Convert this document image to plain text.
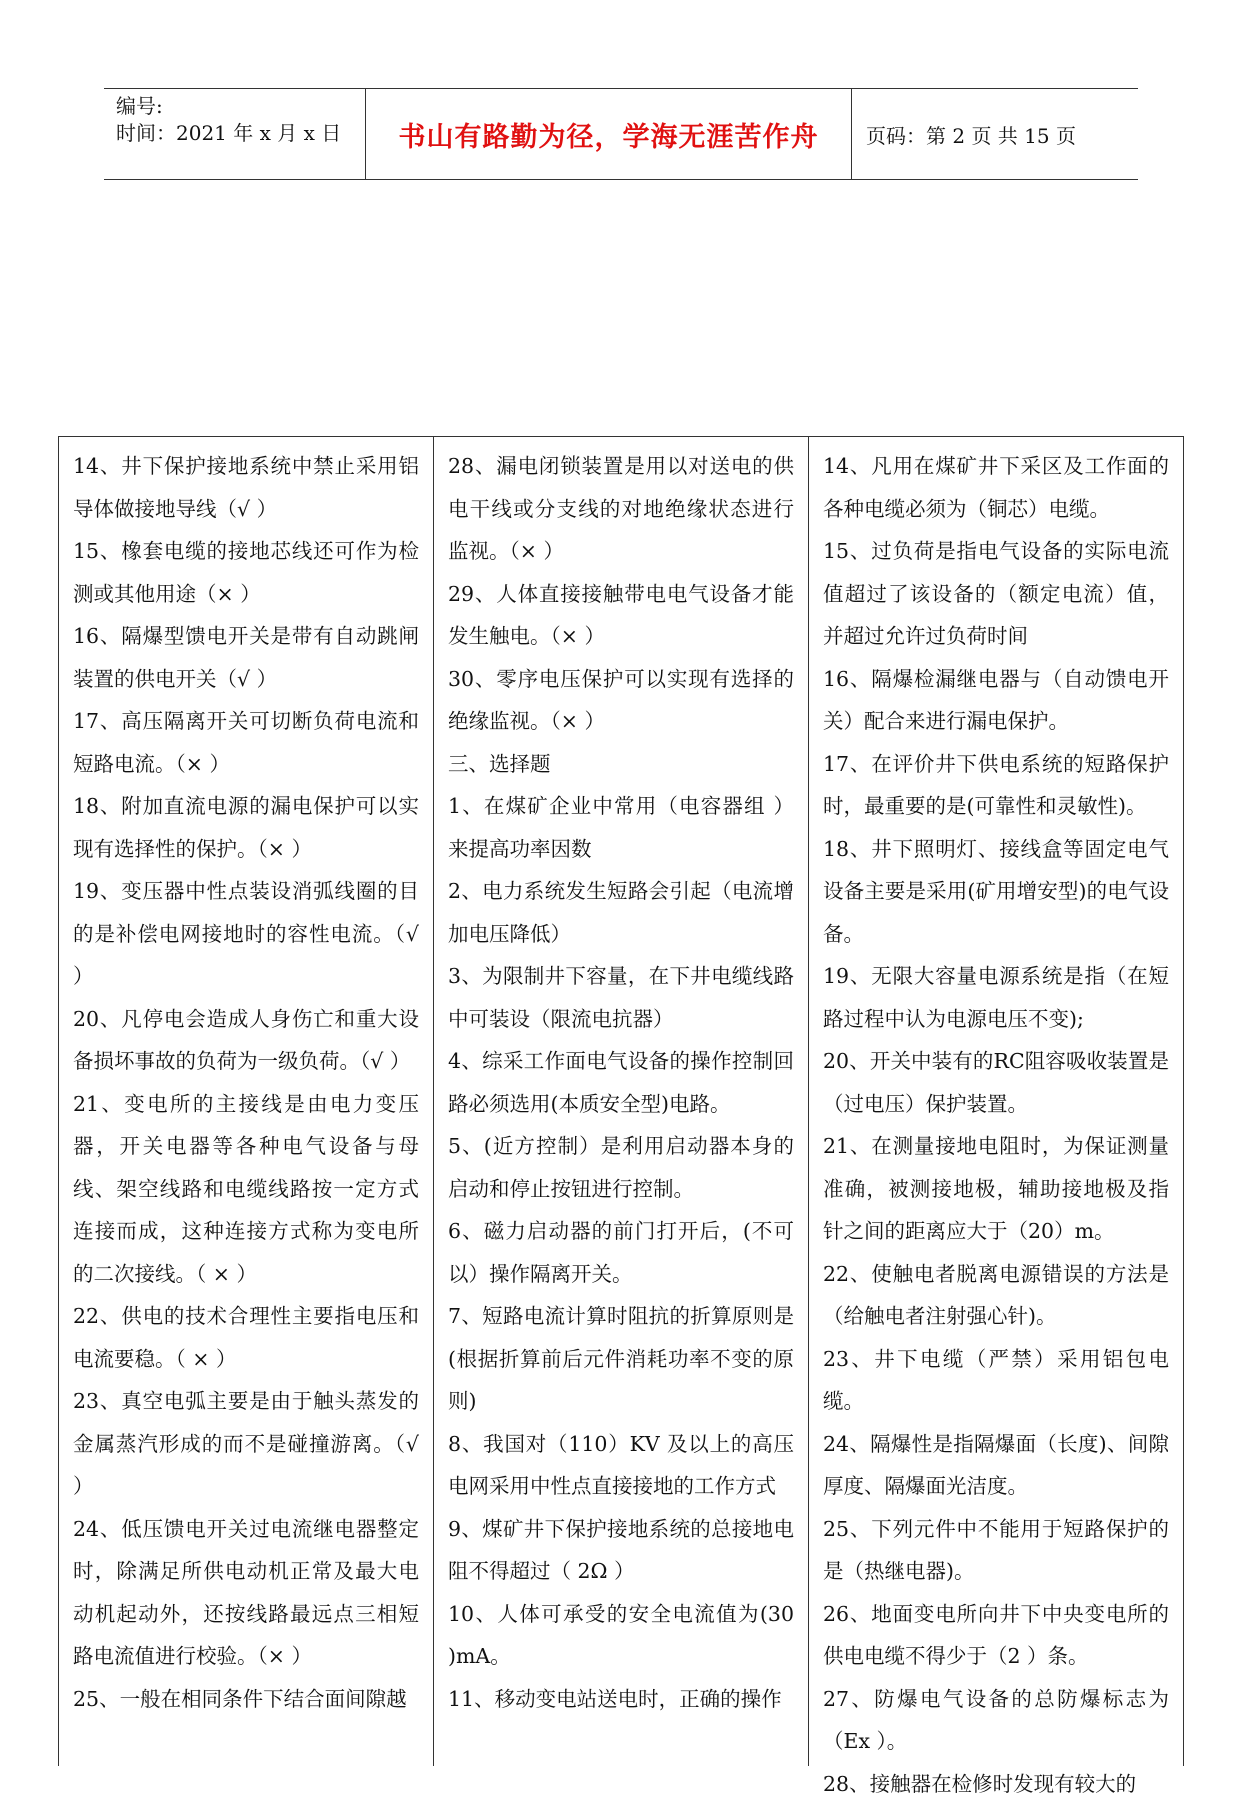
编号:
时间：2021 年 x 月 x 日	书山有路勤为径，学海无涯苦作舟	页码：第 2 页 共 15 页

14、井下保护接地系统中禁止采用铝导体做接地导线（√ ）

15、橡套电缆的接地芯线还可作为检测或其他用途（× ）

16、隔爆型馈电开关是带有自动跳闸装置的供电开关（√ ）

17、高压隔离开关可切断负荷电流和短路电流。（× ）

18、附加直流电源的漏电保护可以实现有选择性的保护。（× ）

19、变压器中性点装设消弧线圈的目的是补偿电网接地时的容性电流。（√ ）

20、凡停电会造成人身伤亡和重大设备损坏事故的负荷为一级负荷。（√ ）

21、变电所的主接线是由电力变压器，开关电器等各种电气设备与母线、架空线路和电缆线路按一定方式连接而成，这种连接方式称为变电所的二次接线。（ × ）

22、供电的技术合理性主要指电压和电流要稳。（ × ）

23、真空电弧主要是由于触头蒸发的金属蒸汽形成的而不是碰撞游离。（√ ）

24、低压馈电开关过电流继电器整定时，除满足所供电动机正常及最大电动机起动外，还按线路最远点三相短路电流值进行校验。（× ）

25、一般在相同条件下结合面间隙越

28、漏电闭锁装置是用以对送电的供电干线或分支线的对地绝缘状态进行监视。（× ）

29、人体直接接触带电电气设备才能发生触电。（× ）

30、零序电压保护可以实现有选择的绝缘监视。（× ）

三、选择题

1、在煤矿企业中常用（电容器组 ）来提高功率因数

2、电力系统发生短路会引起（电流增加电压降低）

3、为限制井下容量，在下井电缆线路中可装设（限流电抗器）

4、综采工作面电气设备的操作控制回路必须选用(本质安全型)电路。

5、(近方控制）是利用启动器本身的启动和停止按钮进行控制。

6、磁力启动器的前门打开后，(不可以）操作隔离开关。

7、短路电流计算时阻抗的折算原则是(根据折算前后元件消耗功率不变的原则)

8、我国对（110）KV 及以上的高压电网采用中性点直接接地的工作方式

9、煤矿井下保护接地系统的总接地电阻不得超过（ 2Ω ）

10、人体可承受的安全电流值为(30 )mA。

11、移动变电站送电时，正确的操作

14、凡用在煤矿井下采区及工作面的各种电缆必须为（铜芯）电缆。

15、过负荷是指电气设备的实际电流值超过了该设备的（额定电流）值，并超过允许过负荷时间

16、隔爆检漏继电器与（自动馈电开关）配合来进行漏电保护。

17、在评价井下供电系统的短路保护时，最重要的是(可靠性和灵敏性)。

18、井下照明灯、接线盒等固定电气设备主要是采用(矿用增安型)的电气设备。

19、无限大容量电源系统是指（在短路过程中认为电源电压不变);

20、开关中装有的RC阻容吸收装置是（过电压）保护装置。

21、在测量接地电阻时，为保证测量准确，被测接地极，辅助接地极及指针之间的距离应大于（20）m。

22、使触电者脱离电源错误的方法是（给触电者注射强心针)。

23、井下电缆（严禁）采用铝包电缆。

24、隔爆性是指隔爆面（长度)、间隙厚度、隔爆面光洁度。

25、下列元件中不能用于短路保护的是（热继电器)。

26、地面变电所向井下中央变电所的供电电缆不得少于（2 ）条。

27、防爆电气设备的总防爆标志为（Ex ）。

28、接触器在检修时发现有较大的
